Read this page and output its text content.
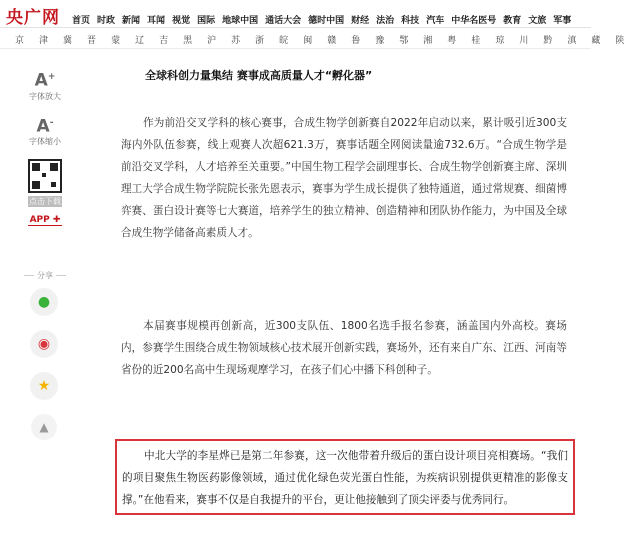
央广网 首页 时政 新闻 耳闻 视觉 国际 地球中国 通话大会 德时中国 财经 法治 科技 汽车 中华名医号 教育 文旅 军事
京 津 冀 晋 蒙 辽 吉 黑 沪 苏 浙 皖 闽 赣 鲁 豫 鄂 湘 粤 桂 琼 川 黔 滇 藏 陕
A+
字体放大
A-
字体缩小
点击下载
APP ✚
分享
●
◉
★
▲
全球科创力量集结 赛事成高质量人才“孵化器”

作为前沿交叉学科的核心赛事，合成生物学创新赛自2022年启动以来，累计吸引近300支海内外队伍参赛，线上观赛人次超621.3万，赛事话题全网阅读量逾732.6万。“合成生物学是前沿交叉学科，人才培养至关重要。”中国生物工程学会副理事长、合成生物学创新赛主席、深圳理工大学合成生物学院院长张先恩表示，赛事为学生成长提供了独特通道，通过常规赛、细菌博弈赛、蛋白设计赛等七大赛道，培养学生的独立精神、创造精神和团队协作能力，为中国及全球合成生物学储备高素质人才。

本届赛事规模再创新高，近300支队伍、1800名选手报名参赛，涵盖国内外高校。赛场内，参赛学生围绕合成生物领域核心技术展开创新实践，赛场外，还有来自广东、江西、河南等省份的近200名高中生现场观摩学习，在孩子们心中播下科创种子。

中北大学的李星烨已是第二年参赛，这一次他带着升级后的蛋白设计项目亮相赛场。“我们的项目聚焦生物医药影像领域，通过优化绿色荧光蛋白性能，为疾病识别提供更精准的影像支撑。”在他看来，赛事不仅是自我提升的平台，更让他接触到了顶尖评委与优秀同行。
